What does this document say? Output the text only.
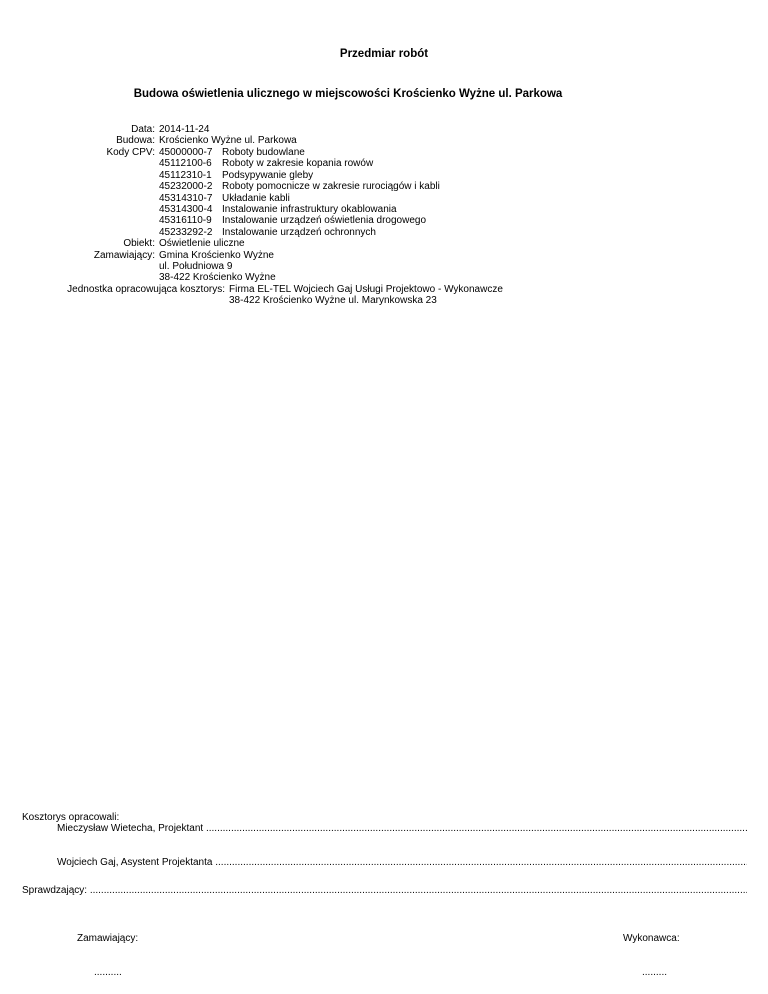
Przedmiar robót
Budowa oświetlenia ulicznego w miejscowości Krościenko Wyżne ul. Parkowa
Data: 2014-11-24
Budowa: Krościenko Wyżne ul. Parkowa
Kody CPV: 45000000-7 Roboty budowlane
45112100-6 Roboty w zakresie kopania rowów
45112310-1 Podsypywanie gleby
45232000-2 Roboty pomocnicze w zakresie rurociągów i kabli
45314310-7 Układanie kabli
45314300-4 Instalowanie infrastruktury okablowania
45316110-9 Instalowanie urządzeń oświetlenia drogowego
45233292-2 Instalowanie urządzeń ochronnych
Obiekt: Oświetlenie uliczne
Zamawiający: Gmina Krościenko Wyżne
ul. Południowa 9
38-422 Krościenko Wyżne
Jednostka opracowująca kosztorys: Firma EL-TEL Wojciech Gaj Usługi Projektowo - Wykonawcze
38-422 Krościenko Wyżne ul. Marynkowska 23
Kosztorys opracowali:
Mieczysław Wietecha, Projektant .....
Wojciech Gaj, Asystent Projektanta .....
Sprawdzający: .....
Zamawiający:	Wykonawca:
..........	.........
